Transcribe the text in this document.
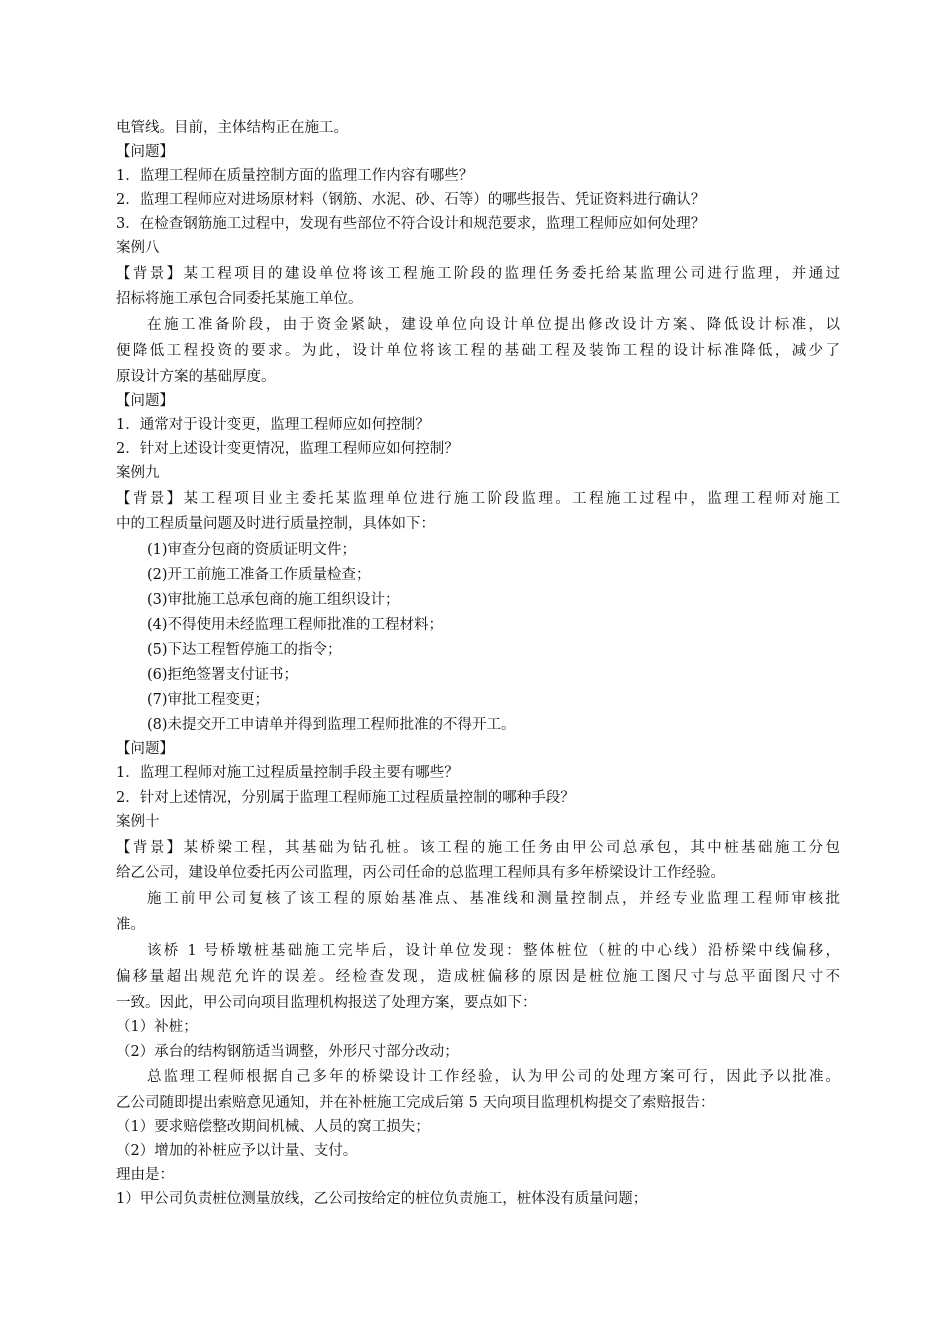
电管线。目前，主体结构正在施工。
【问题】
1．监理工程师在质量控制方面的监理工作内容有哪些？
2．监理工程师应对进场原材料（钢筋、水泥、砂、石等）的哪些报告、凭证资料进行确认？
3．在检查钢筋施工过程中，发现有些部位不符合设计和规范要求，监理工程师应如何处理？
案例八
【背景】某工程项目的建设单位将该工程施工阶段的监理任务委托给某监理公司进行监理，并通过
招标将施工承包合同委托某施工单位。
在施工准备阶段，由于资金紧缺，建设单位向设计单位提出修改设计方案、降低设计标准，以
便降低工程投资的要求。为此，设计单位将该工程的基础工程及装饰工程的设计标准降低，减少了
原设计方案的基础厚度。
【问题】
1．通常对于设计变更，监理工程师应如何控制？
2．针对上述设计变更情况，监理工程师应如何控制？
案例九
【背景】某工程项目业主委托某监理单位进行施工阶段监理。工程施工过程中，监理工程师对施工
中的工程质量问题及时进行质量控制，具体如下：
(1)审查分包商的资质证明文件；
(2)开工前施工准备工作质量检查；
(3)审批施工总承包商的施工组织设计；
(4)不得使用未经监理工程师批准的工程材料；
(5)下达工程暂停施工的指令；
(6)拒绝签署支付证书；
(7)审批工程变更；
(8)未提交开工申请单并得到监理工程师批准的不得开工。
【问题】
1．监理工程师对施工过程质量控制手段主要有哪些？
2．针对上述情况，分别属于监理工程师施工过程质量控制的哪种手段？
案例十
【背景】某桥梁工程，其基础为钻孔桩。该工程的施工任务由甲公司总承包，其中桩基础施工分包
给乙公司，建设单位委托丙公司监理，丙公司任命的总监理工程师具有多年桥梁设计工作经验。
施工前甲公司复核了该工程的原始基准点、基准线和测量控制点，并经专业监理工程师审核批
准。
该桥 1 号桥墩桩基础施工完毕后，设计单位发现：整体桩位（桩的中心线）沿桥梁中线偏移，
偏移量超出规范允许的误差。经检查发现，造成桩偏移的原因是桩位施工图尺寸与总平面图尺寸不
一致。因此，甲公司向项目监理机构报送了处理方案，要点如下：
（1）补桩；
（2）承台的结构钢筋适当调整，外形尺寸部分改动；
总监理工程师根据自己多年的桥梁设计工作经验，认为甲公司的处理方案可行，因此予以批准。
乙公司随即提出索赔意见通知，并在补桩施工完成后第 5 天向项目监理机构提交了索赔报告：
（1）要求赔偿整改期间机械、人员的窝工损失；
（2）增加的补桩应予以计量、支付。
理由是：
1）甲公司负责桩位测量放线，乙公司按给定的桩位负责施工，桩体没有质量问题；
